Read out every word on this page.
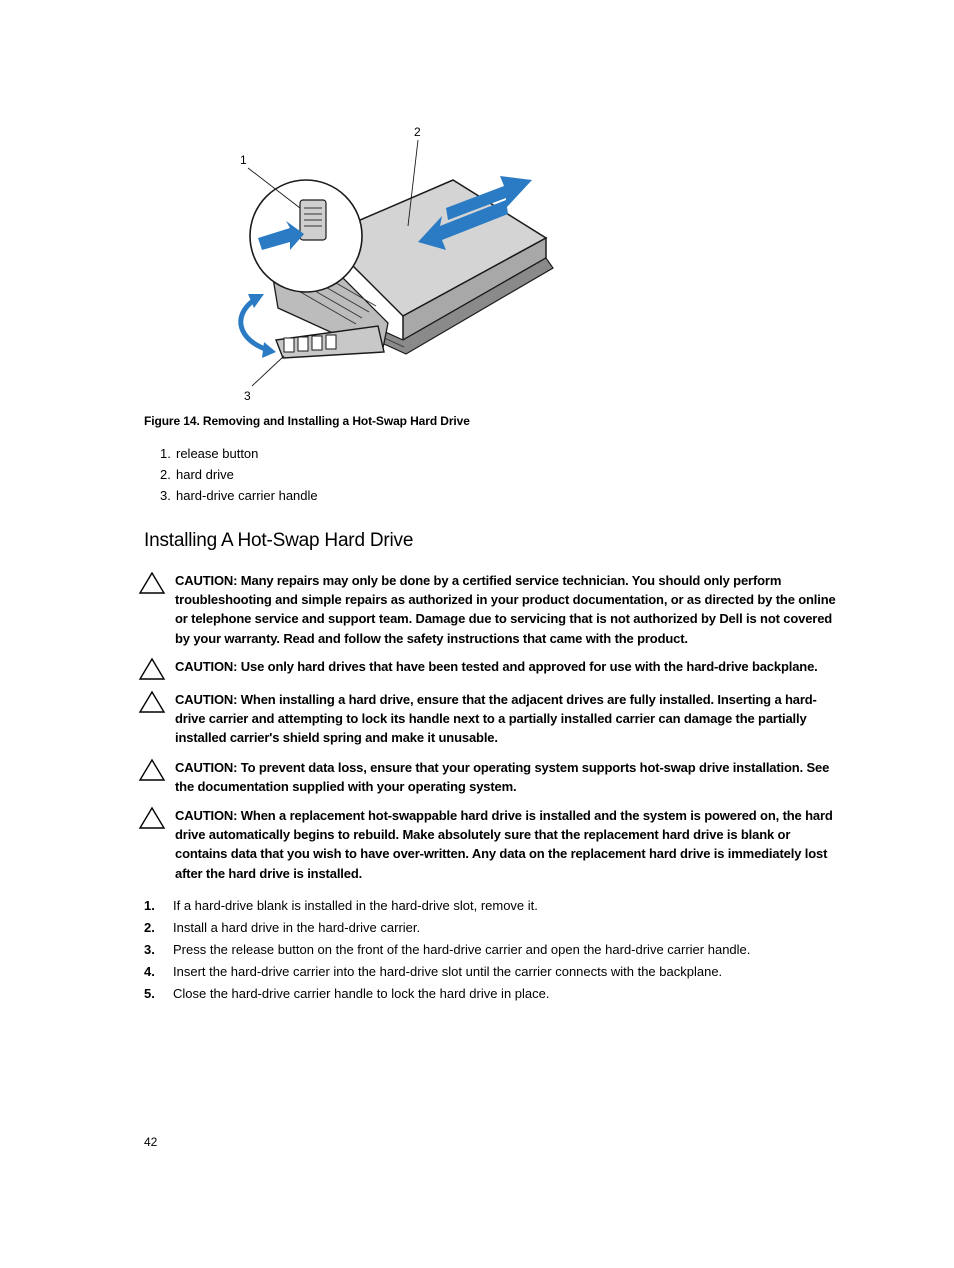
1
2
3
Figure 14. Removing and Installing a Hot-Swap Hard Drive
1. release button
2. hard drive
3. hard-drive carrier handle
Installing A Hot-Swap Hard Drive
CAUTION: Many repairs may only be done by a certified service technician. You should only perform troubleshooting and simple repairs as authorized in your product documentation, or as directed by the online or telephone service and support team. Damage due to servicing that is not authorized by Dell is not covered by your warranty. Read and follow the safety instructions that came with the product.
CAUTION: Use only hard drives that have been tested and approved for use with the hard-drive backplane.
CAUTION: When installing a hard drive, ensure that the adjacent drives are fully installed. Inserting a hard-drive carrier and attempting to lock its handle next to a partially installed carrier can damage the partially installed carrier's shield spring and make it unusable.
CAUTION: To prevent data loss, ensure that your operating system supports hot-swap drive installation. See the documentation supplied with your operating system.
CAUTION: When a replacement hot-swappable hard drive is installed and the system is powered on, the hard drive automatically begins to rebuild. Make absolutely sure that the replacement hard drive is blank or contains data that you wish to have over-written. Any data on the replacement hard drive is immediately lost after the hard drive is installed.
1. If a hard-drive blank is installed in the hard-drive slot, remove it.
2. Install a hard drive in the hard-drive carrier.
3. Press the release button on the front of the hard-drive carrier and open the hard-drive carrier handle.
4. Insert the hard-drive carrier into the hard-drive slot until the carrier connects with the backplane.
5. Close the hard-drive carrier handle to lock the hard drive in place.
42
